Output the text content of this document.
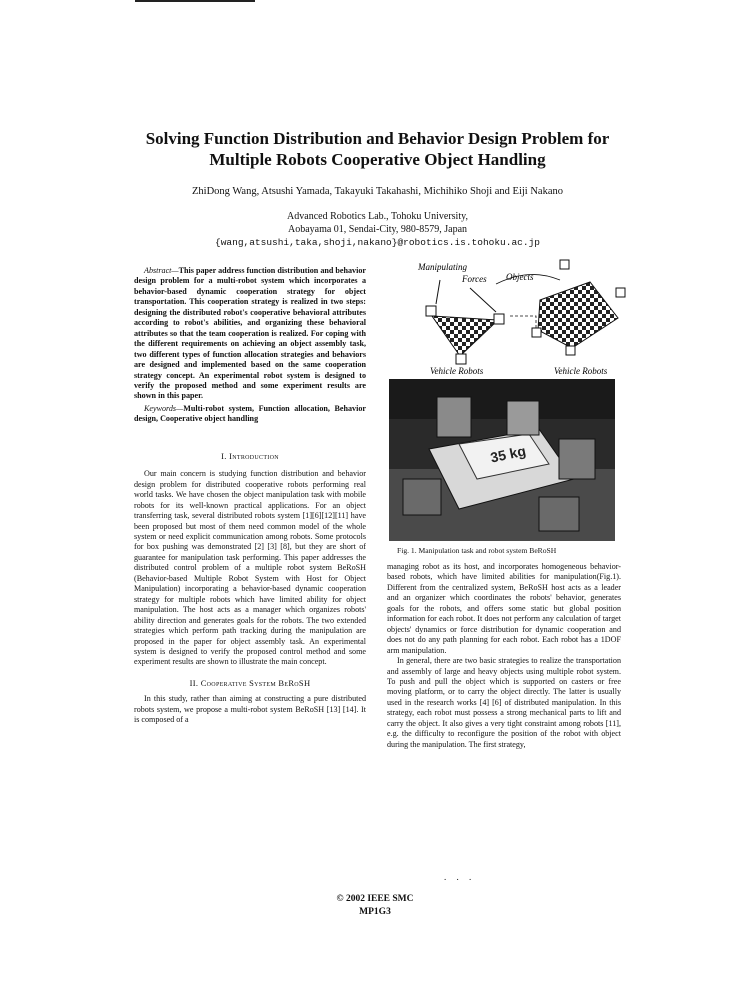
Solving Function Distribution and Behavior Design Problem for
Multiple Robots Cooperative Object Handling
ZhiDong Wang, Atsushi Yamada, Takayuki Takahashi, Michihiko Shoji and Eiji Nakano
Advanced Robotics Lab., Tohoku University,
Aobayama 01, Sendai-City, 980-8579, Japan
{wang,atsushi,taka,shoji,nakano}@robotics.is.tohoku.ac.jp

Abstract—This paper address function distribution and behavior design problem for a multi-robot system which incorporates a behavior-based dynamic cooperation strategy for object transportation. This cooperation strategy is realized in two steps: designing the distributed robot's cooperative behavioral attributes according to robot's abilities, and organizing these behavioral attributes so that the team cooperation is realized. For coping with the different requirements on achieving an object assembly task, two different types of function allocation strategies and behaviors are designed and implemented based on the same cooperation strategy concept. An experimental robot system is designed to verify the proposed method and some experiment results are shown in this paper.

Keywords—Multi-robot system, Function allocation, Behavior design, Cooperative object handling

I. Introduction

Our main concern is studying function distribution and behavior design problem for distributed cooperative robots performing real world tasks. We have chosen the object manipulation task with mobile robots for its well-known practical applications. For an object transferring task, several distributed robots system [1][6][12][11] have been proposed but most of them need common model of the whole system or need explicit communication among robots. Some protocols for box pushing was demonstrated [2] [3] [8], but they are short of guarantee for manipulation task performing. This paper addresses the distributed control problem of a multiple robot system BeRoSH (Behavior-based Multiple Robot System with Host for Object Manipulation) incorporating a behavior-based dynamic cooperation strategy for multiple robots which have limited ability for object manipulation. The host acts as a manager which organizes robots' ability direction and generates goals for the robots. The two extended strategies which perform path tracking during the manipulation are proposed in the paper for object assembly task. An experimental system is designed to verify the proposed control method and some experiment results are shown to illustrate the main concept.

II. Cooperative System BeRoSH

In this study, rather than aiming at constructing a pure distributed robots system, we propose a multi-robot system BeRoSH [13] [14]. It is composed of a

Manipulating
Forces Objects
Vehicle Robots	Vehicle Robots
35 kg
Fig. 1. Manipulation task and robot system BeRoSH

managing robot as its host, and incorporates homogeneous behavior-based robots, which have limited abilities for manipulation(Fig.1). Different from the centralized system, BeRoSH host acts as a leader and an organizer which coordinates the robots' behavior, generates goals for the robots, and offers some static but global position information for each robot. It does not perform any calculation of target objects' dynamics or force distribution for dynamic cooperation and does not do any path planning for each robot. Each robot has a 1DOF arm manipulation.

In general, there are two basic strategies to realize the transportation and assembly of large and heavy objects using multiple robot system. To push and pull the object which is supported on casters or free moving platform, or to carry the object directly. The latter is usually used in the research works [4] [6] of distributed manipulation. In this strategy, each robot must possess a strong mechanical parts to lift and carry the object. It also gives a very tight constraint among robots [11], e.g. the difficulty to reconfigure the position of the robot with object during the manipulation. The first strategy,

. . .
© 2002 IEEE SMC
MP1G3
